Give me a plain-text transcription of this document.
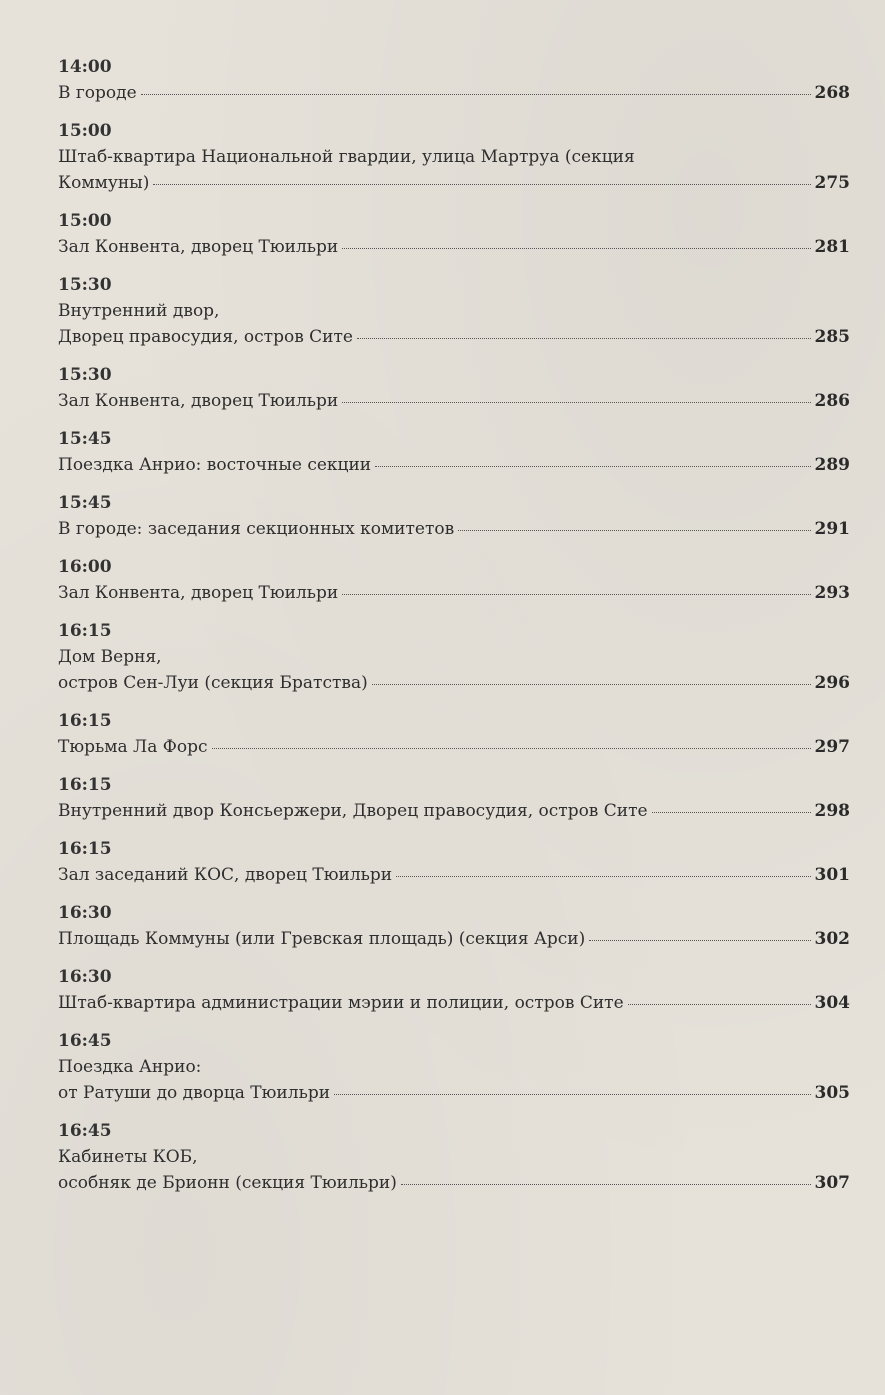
14:00
В городе	268
15:00
Штаб-квартира Национальной гвардии, улица Мартруа (секция
Коммуны)	275
15:00
Зал Конвента, дворец Тюильри	281
15:30
Внутренний двор,
Дворец правосудия, остров Сите	285
15:30
Зал Конвента, дворец Тюильри	286
15:45
Поездка Анрио: восточные секции	289
15:45
В городе: заседания секционных комитетов	291
16:00
Зал Конвента, дворец Тюильри	293
16:15
Дом Верня,
остров Сен-Луи (секция Братства)	296
16:15
Тюрьма Ла Форс	297
16:15
Внутренний двор Консьержери, Дворец правосудия, остров Сите	298
16:15
Зал заседаний КОС, дворец Тюильри	301
16:30
Площадь Коммуны (или Гревская площадь) (секция Арси)	302
16:30
Штаб-квартира администрации мэрии и полиции, остров Сите	304
16:45
Поездка Анрио:
от Ратуши до дворца Тюильри	305
16:45
Кабинеты КОБ,
особняк де Брионн (секция Тюильри)	307
